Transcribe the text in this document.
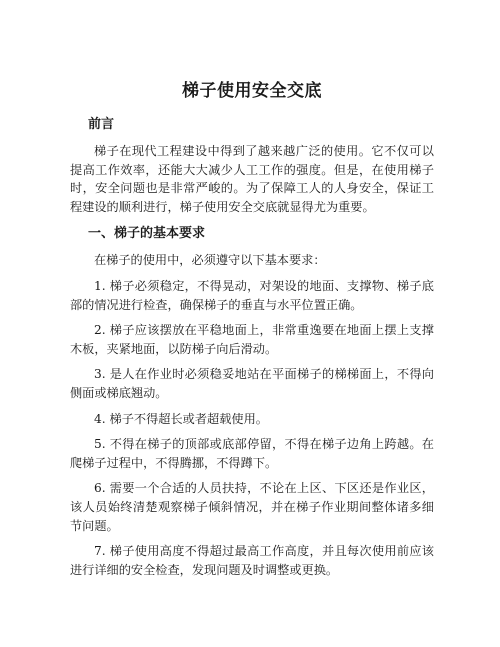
梯子使用安全交底
前言

梯子在现代工程建设中得到了越来越广泛的使用。它不仅可以提高工作效率，还能大大减少人工工作的强度。但是，在使用梯子时，安全问题也是非常严峻的。为了保障工人的人身安全，保证工程建设的顺利进行，梯子使用安全交底就显得尤为重要。

一、梯子的基本要求

在梯子的使用中，必须遵守以下基本要求：

1. 梯子必须稳定，不得晃动，对架设的地面、支撑物、梯子底部的情况进行检查，确保梯子的垂直与水平位置正确。

2. 梯子应该摆放在平稳地面上，非常重逸要在地面上摆上支撑木板，夹紧地面，以防梯子向后滑动。

3. 是人在作业时必须稳妥地站在平面梯子的梯梯面上，不得向侧面或梯底翘动。

4. 梯子不得超长或者超载使用。

5. 不得在梯子的顶部或底部停留，不得在梯子边角上跨越。在爬梯子过程中，不得腾挪，不得蹲下。

6. 需要一个合适的人员扶持，不论在上区、下区还是作业区，该人员始终清楚观察梯子倾斜情况，并在梯子作业期间整体诸多细节问题。

7. 梯子使用高度不得超过最高工作高度，并且每次使用前应该进行详细的安全检查，发现问题及时调整或更换。
